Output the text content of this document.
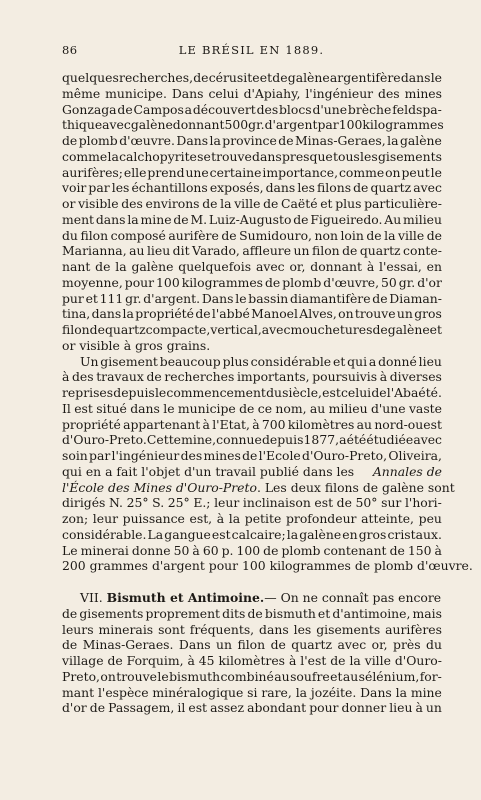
86	LE BRÉSIL EN 1889.
quelques recherches, de cérusite et de galène argentifère dans le
même municipe. Dans celui d'Apiahy, l'ingénieur des mines
Gonzaga de Campos a découvert des blocs d'une brèche feldspa-
thique avec galène donnant 500 gr. d'argent par 100 kilogrammes
de plomb d'œuvre. Dans la province de Minas-Geraes, la galène
comme la calchopyrite se trouve dans presque tous les gisements
aurifères; elle prend une certaine importance, comme on peut le
voir par les échantillons exposés, dans les filons de quartz avec
or visible des environs de la ville de Caëté et plus particulière-
ment dans la mine de M. Luiz-Augusto de Figueiredo. Au milieu
du filon composé aurifère de Sumidouro, non loin de la ville de
Marianna, au lieu dit Varado, affleure un filon de quartz conte-
nant de la galène quelquefois avec or, donnant à l'essai, en
moyenne, pour 100 kilogrammes de plomb d'œuvre, 50 gr. d'or
pur et 111 gr. d'argent. Dans le bassin diamantifère de Diaman-
tina, dans la propriété de l'abbé Manoel Alves, on trouve un gros
filon de quartz compacte, vertical, avec mouchetures de galène et
or visible à gros grains.
Un gisement beaucoup plus considérable et qui a donné lieu
à des travaux de recherches importants, poursuivis à diverses
reprises depuis le commencement du siècle, est celui de l'Abaété.
Il est situé dans le municipe de ce nom, au milieu d'une vaste
propriété appartenant à l'Etat, à 700 kilomètres au nord-ouest
d'Ouro-Preto. Cette mine, connue depuis 1877, a été étudiée avec
soin par l'ingénieur des mines de l'Ecole d'Ouro-Preto, Oliveira,
qui en a fait l'objet d'un travail publié dans les Annales de
l'École des Mines d'Ouro-Preto . Les deux filons de galène sont
dirigés N. 25° S. 25° E.; leur inclinaison est de 50° sur l'hori-
zon; leur puissance est, à la petite profondeur atteinte, peu
considérable. La gangue est calcaire; la galène en gros cristaux.
Le minerai donne 50 à 60 p. 100 de plomb contenant de 150 à
200 grammes d'argent pour 100 kilogrammes de plomb d'œuvre.
VII.
Bismuth et Antimoine. — On ne connaît pas encore
de gisements proprement dits de bismuth et d'antimoine, mais
leurs minerais sont fréquents, dans les gisements aurifères
de Minas-Geraes. Dans un filon de quartz avec or, près du
village de Forquim, à 45 kilomètres à l'est de la ville d'Ouro-
Preto, on trouve le bismuth combiné au soufre et au sélénium, for-
mant l'espèce minéralogique si rare, la jozéite. Dans la mine
d'or de Passagem, il est assez abondant pour donner lieu à un
